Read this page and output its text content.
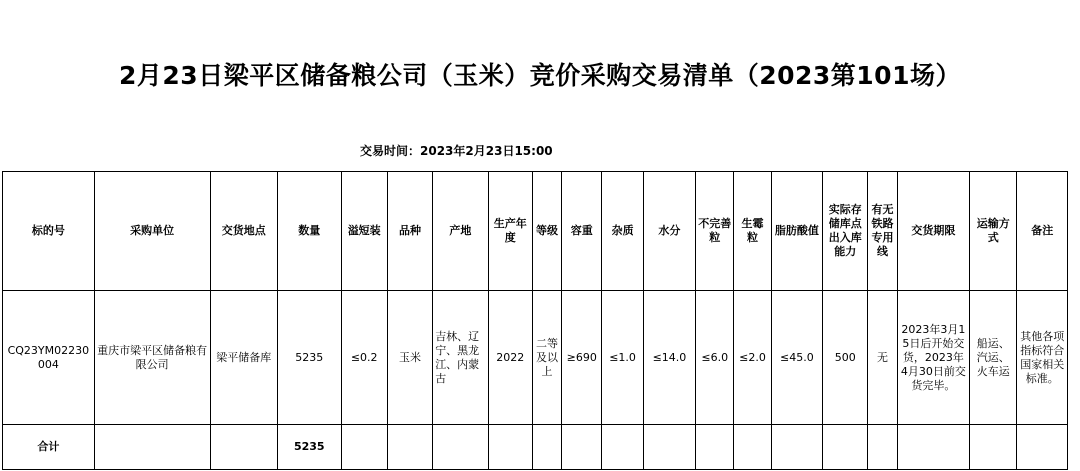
2月23日梁平区储备粮公司（玉米）竞价采购交易清单（2023第101场）
交易时间：2023年2月23日15:00
标的号	采购单位	交货地点	数量	溢短装	品种	产地	生产年度	等级	容重	杂质	水分	不完善粒	生霉粒	脂肪酸值	实际存储库点出入库能力	有无铁路专用线	交货期限	运输方式	备注
CQ23YM02230004	重庆市梁平区储备粮有限公司	梁平储备库	5235	≤0.2	玉米	吉林、辽宁、黑龙江、内蒙古	2022	二等及以上	≥690	≤1.0	≤14.0	≤6.0	≤2.0	≤45.0	500	无	2023年3月15日后开始交货，2023年4月30日前交货完毕。	船运、汽运、火车运	其他各项指标符合国家相关标准。
合计			5235																
